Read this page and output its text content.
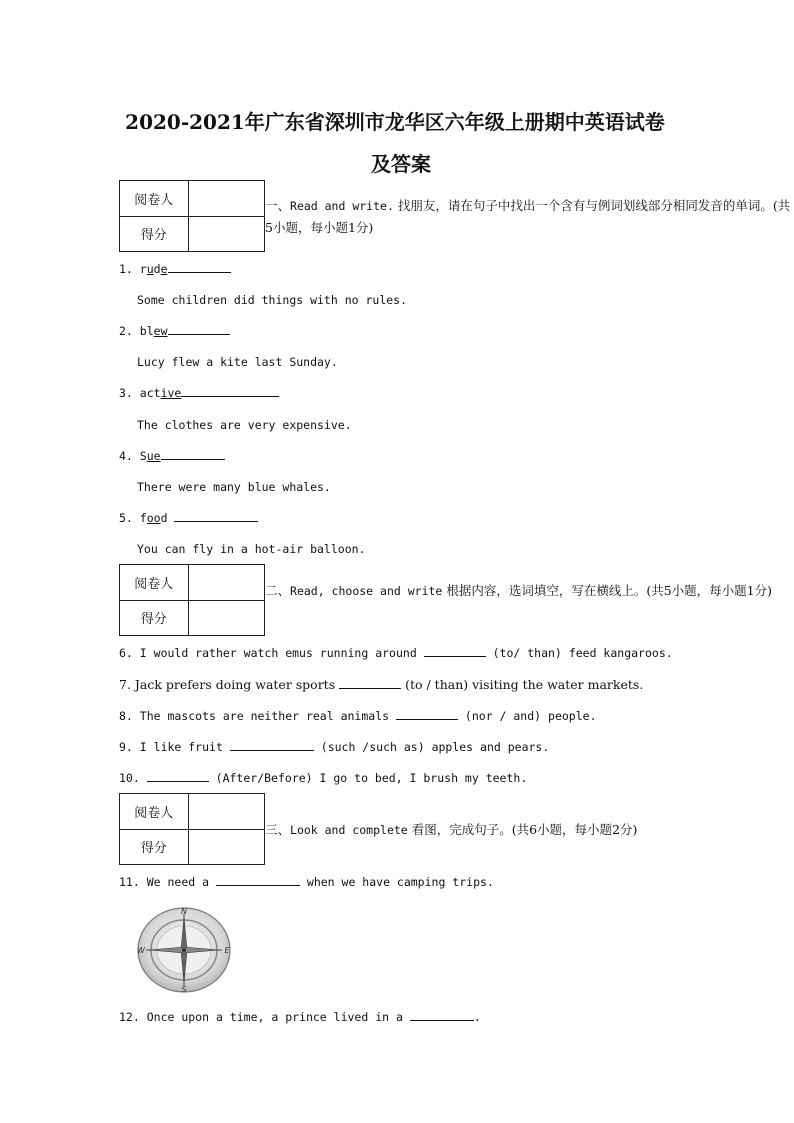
2020-2021年广东省深圳市龙华区六年级上册期中英语试卷
及答案
阅卷人	
得分	
一、Read and write. 找朋友，请在句子中找出一个含有与例词划线部分相同发音的单词。(共5小题，每小题1分)
1. rude
Some children did things with no rules.
2. blew
Lucy flew a kite last Sunday.
3. active
The clothes are very expensive.
4. Sue
There were many blue whales.
5. food
You can fly in a hot-air balloon.
阅卷人	
得分	
二、Read, choose and write 根据内容，选词填空，写在横线上。(共5小题，每小题1分)
6. I would rather watch emus running around	(to/ than) feed kangaroos.
7. Jack prefers doing water sports	(to / than) visiting the water markets.
8. The mascots are neither real animals	(nor / and) people.
9. I like fruit	(such /such as) apples and pears.
10.	(After/Before) I go to bed, I brush my teeth.
阅卷人	
得分	
三、Look and complete 看图，完成句子。(共6小题，每小题2分)
11. We need a	when we have camping trips.
N
S
E
W
12. Once upon a time, a prince lived in a	.
